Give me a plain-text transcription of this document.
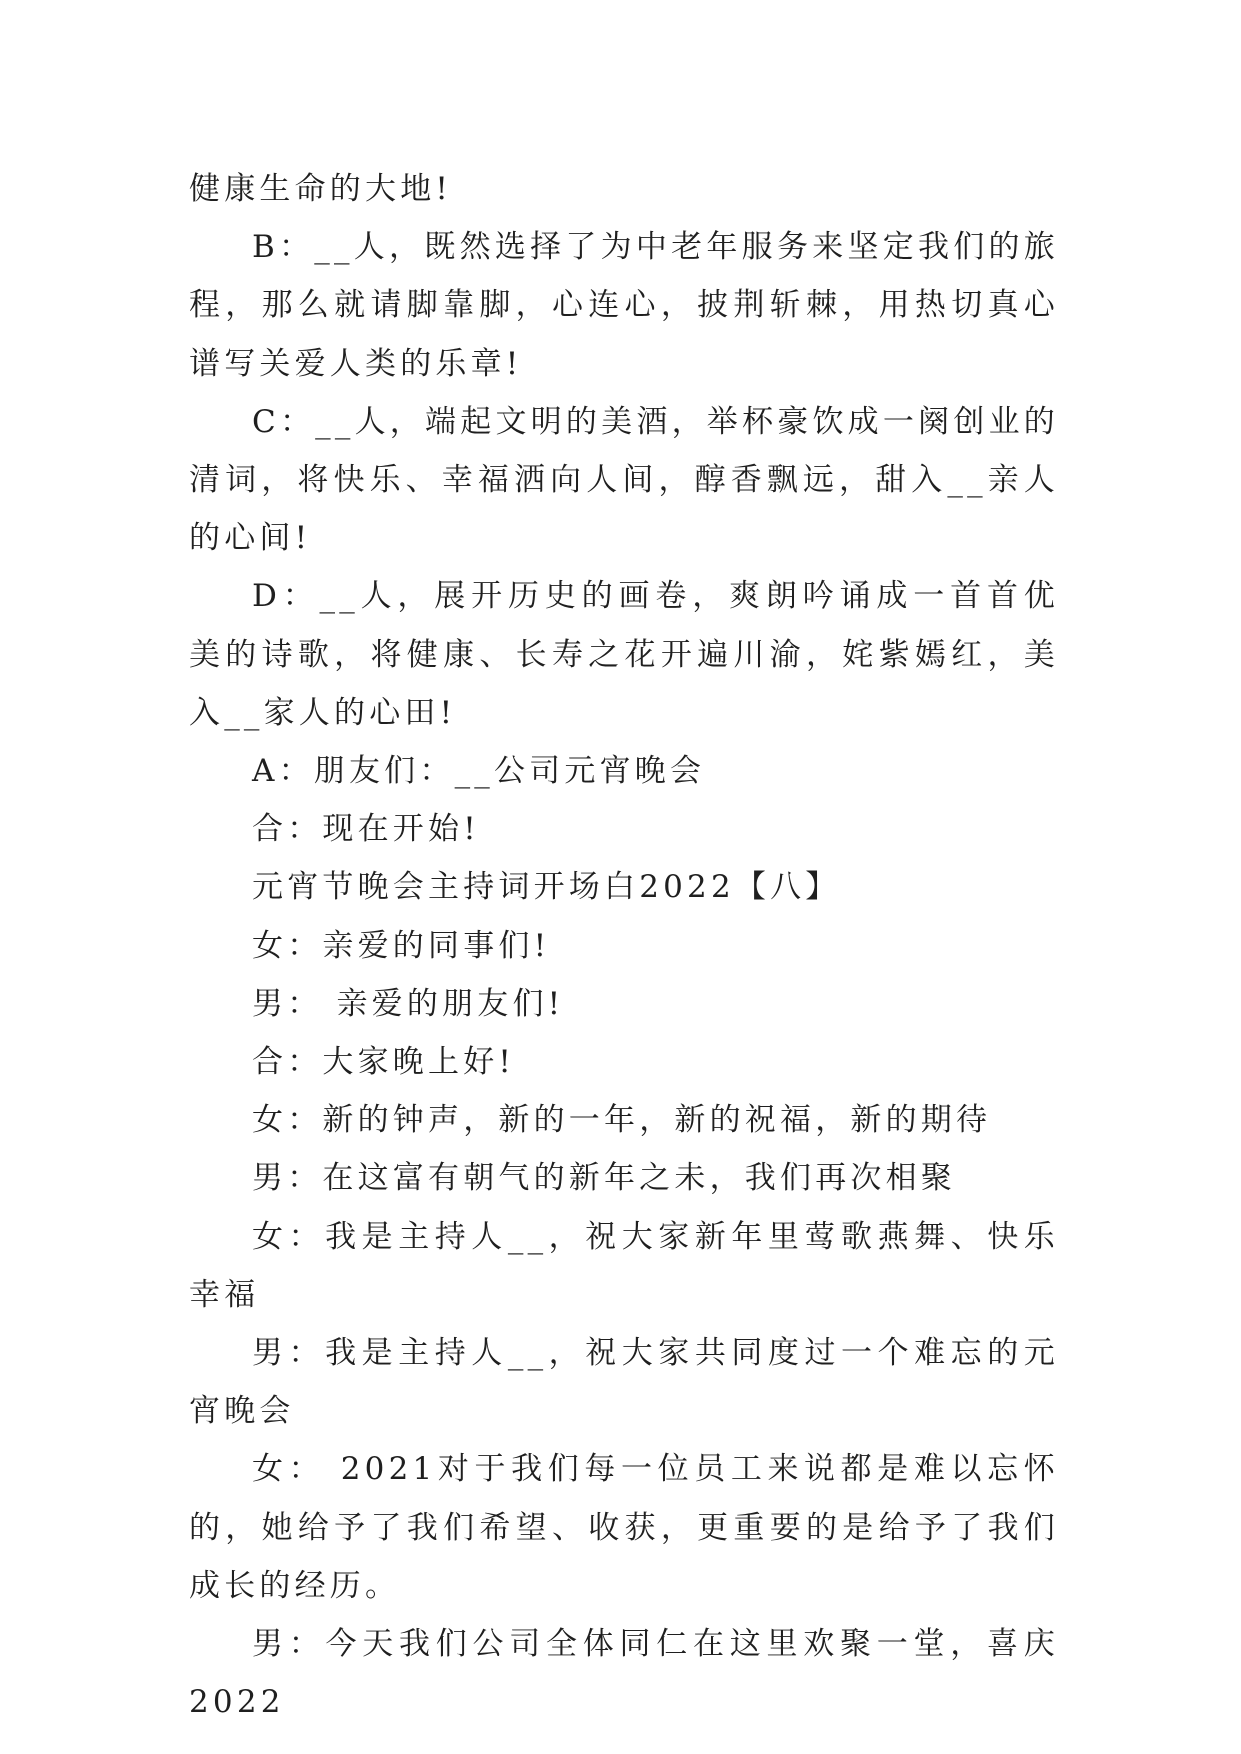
健康生命的大地!

B：__人，既然选择了为中老年服务来坚定我们的旅程，那么就请脚靠脚，心连心，披荆斩棘，用热切真心谱写关爱人类的乐章!

C：__人，端起文明的美酒，举杯豪饮成一阕创业的清词，将快乐、幸福洒向人间，醇香飘远，甜入__亲人的心间!

D：__人，展开历史的画卷，爽朗吟诵成一首首优美的诗歌，将健康、长寿之花开遍川渝，姹紫嫣红，美入__家人的心田!

A：朋友们：__公司元宵晚会

合：现在开始!

元宵节晚会主持词开场白2022【八】

女：亲爱的同事们!

男： 亲爱的朋友们!

合：大家晚上好!

女：新的钟声，新的一年，新的祝福，新的期待

男：在这富有朝气的新年之未，我们再次相聚

女：我是主持人__，祝大家新年里莺歌燕舞、快乐幸福

男：我是主持人__，祝大家共同度过一个难忘的元宵晚会

女： 2021对于我们每一位员工来说都是难以忘怀的，她给予了我们希望、收获，更重要的是给予了我们成长的经历。

男：今天我们公司全体同仁在这里欢聚一堂，喜庆2022
